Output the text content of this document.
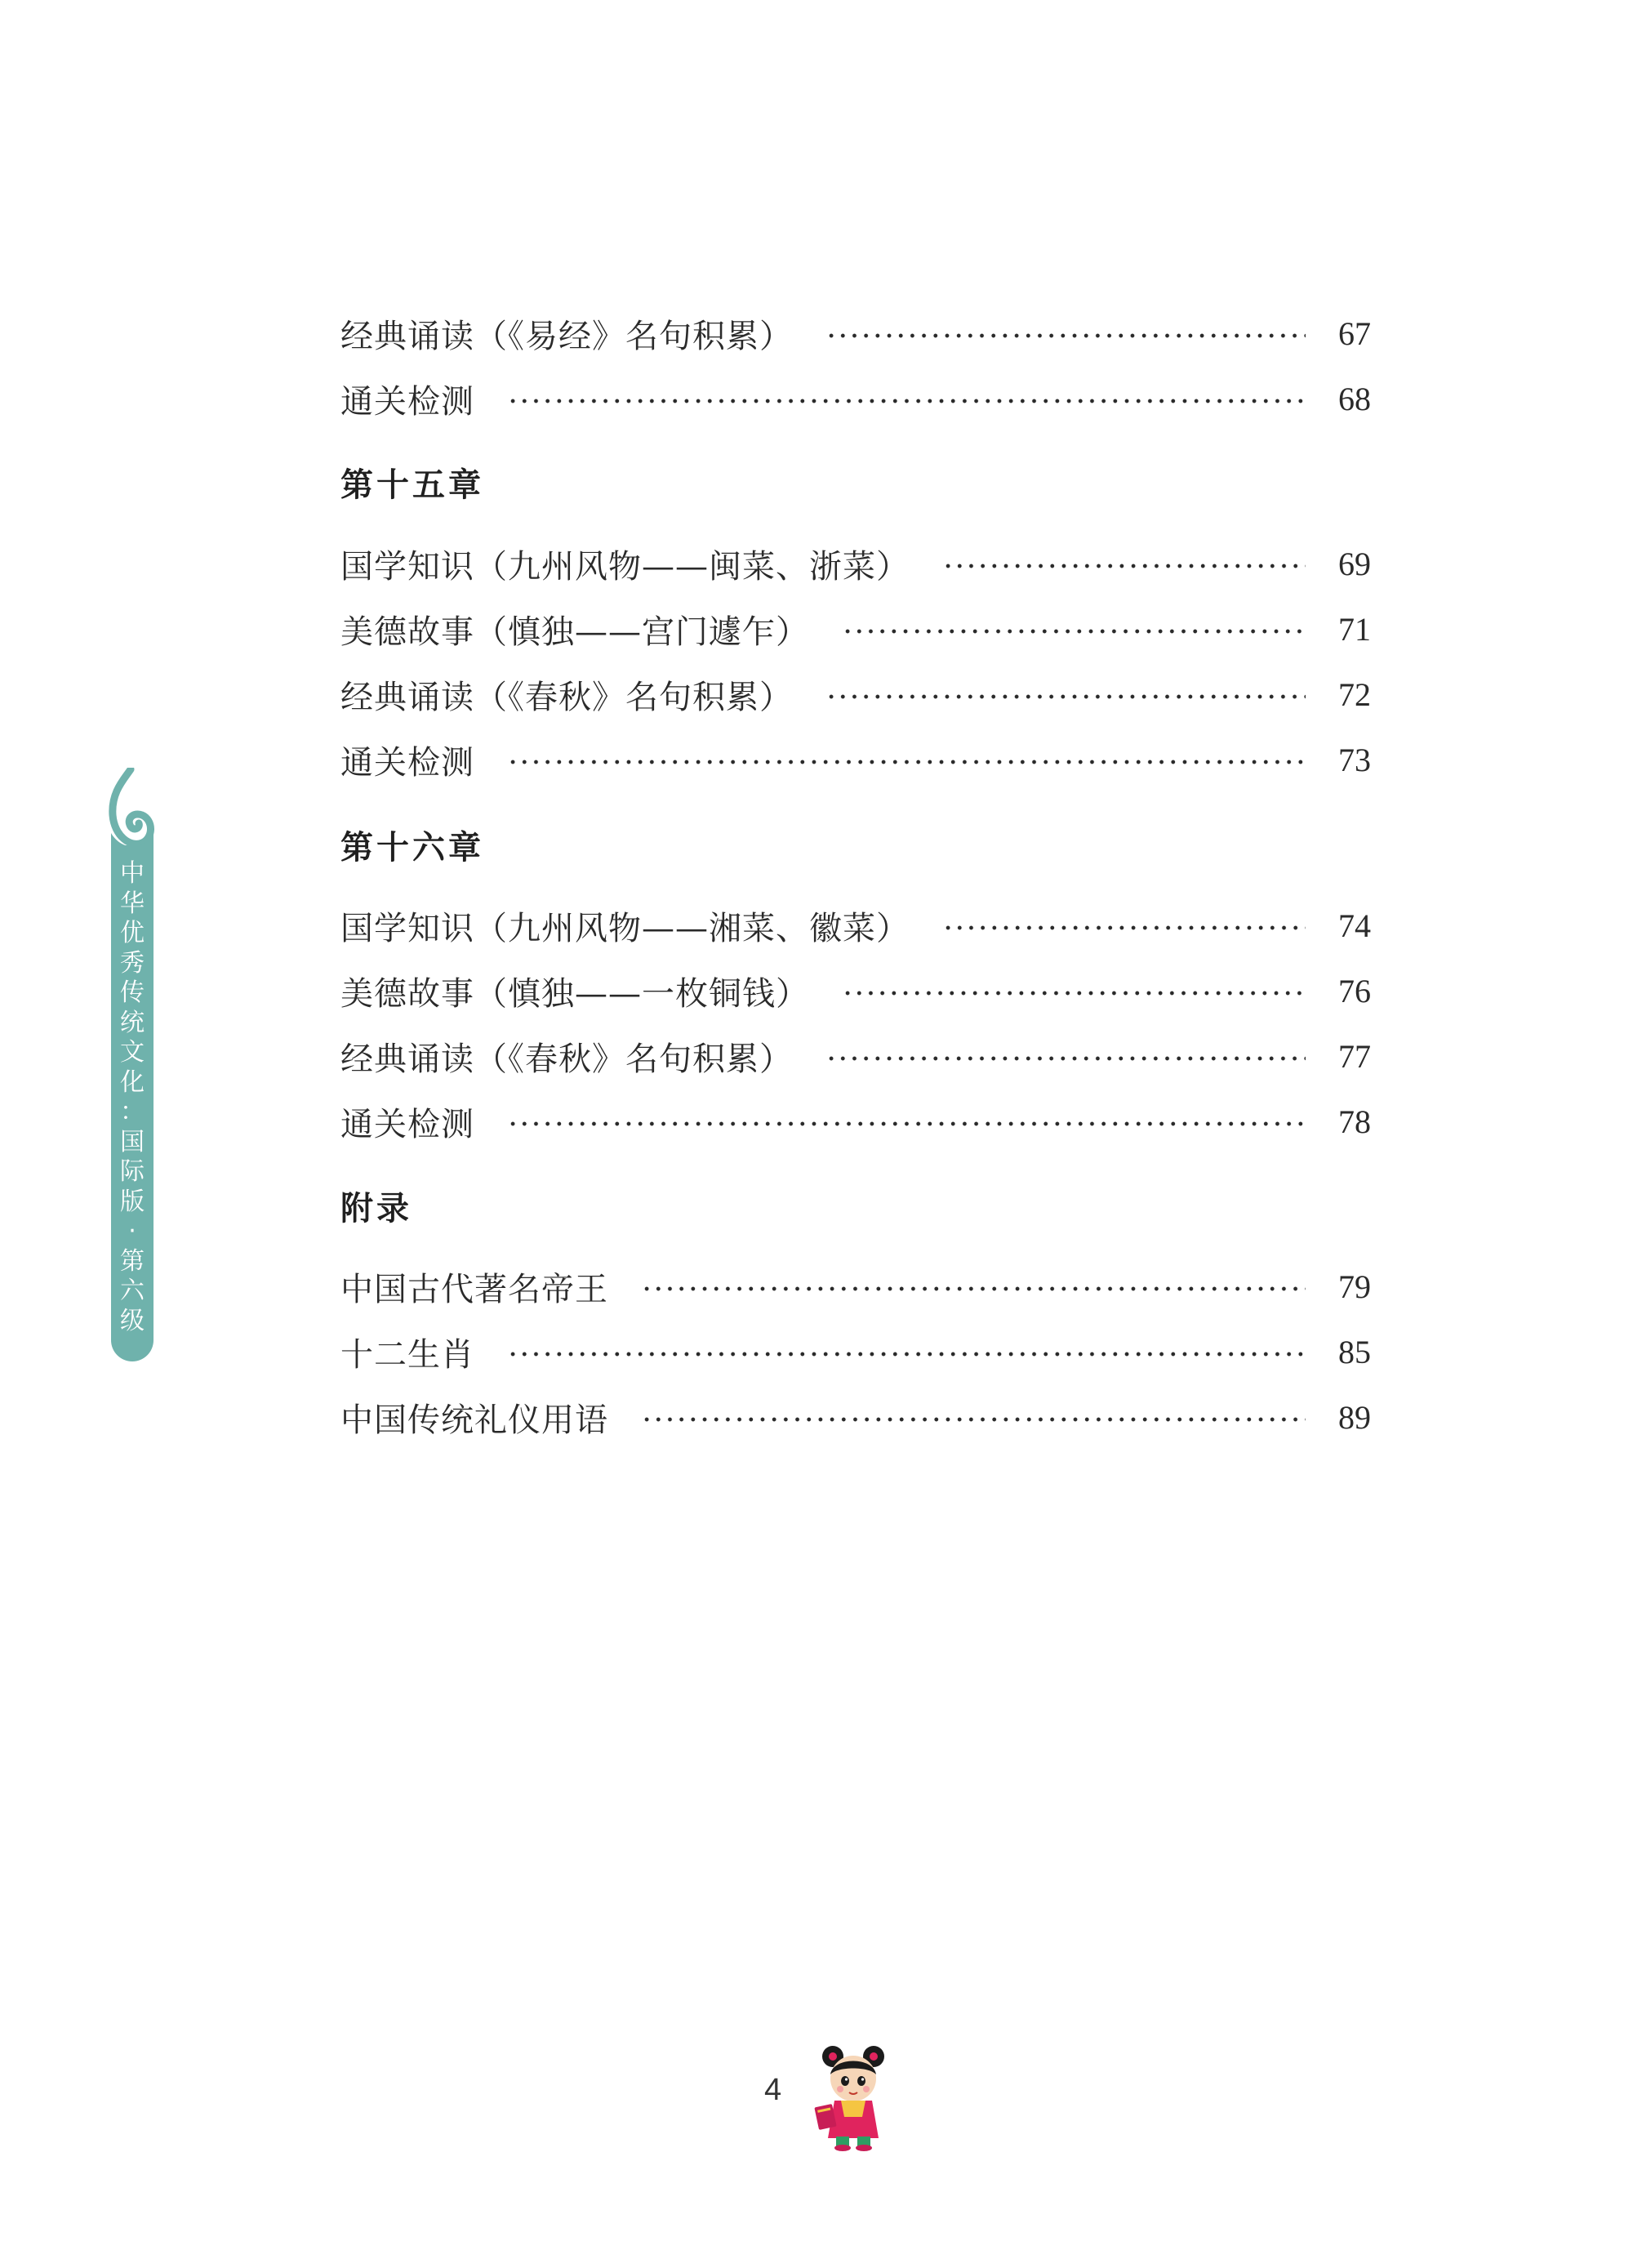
中
华
优
秀
传
统
文
化
：
国
际
版
·
第
六
级
经典诵读（《易经》名句积累）	67
通关检测	68
第十五章
国学知识（九州风物——闽菜、浙菜）	69
美德故事（慎独——宫门遽乍）	71
经典诵读（《春秋》名句积累）	72
通关检测	73
第十六章
国学知识（九州风物——湘菜、徽菜）	74
美德故事（慎独——一枚铜钱）	76
经典诵读（《春秋》名句积累）	77
通关检测	78
附录
中国古代著名帝王	79
十二生肖	85
中国传统礼仪用语	89
4
